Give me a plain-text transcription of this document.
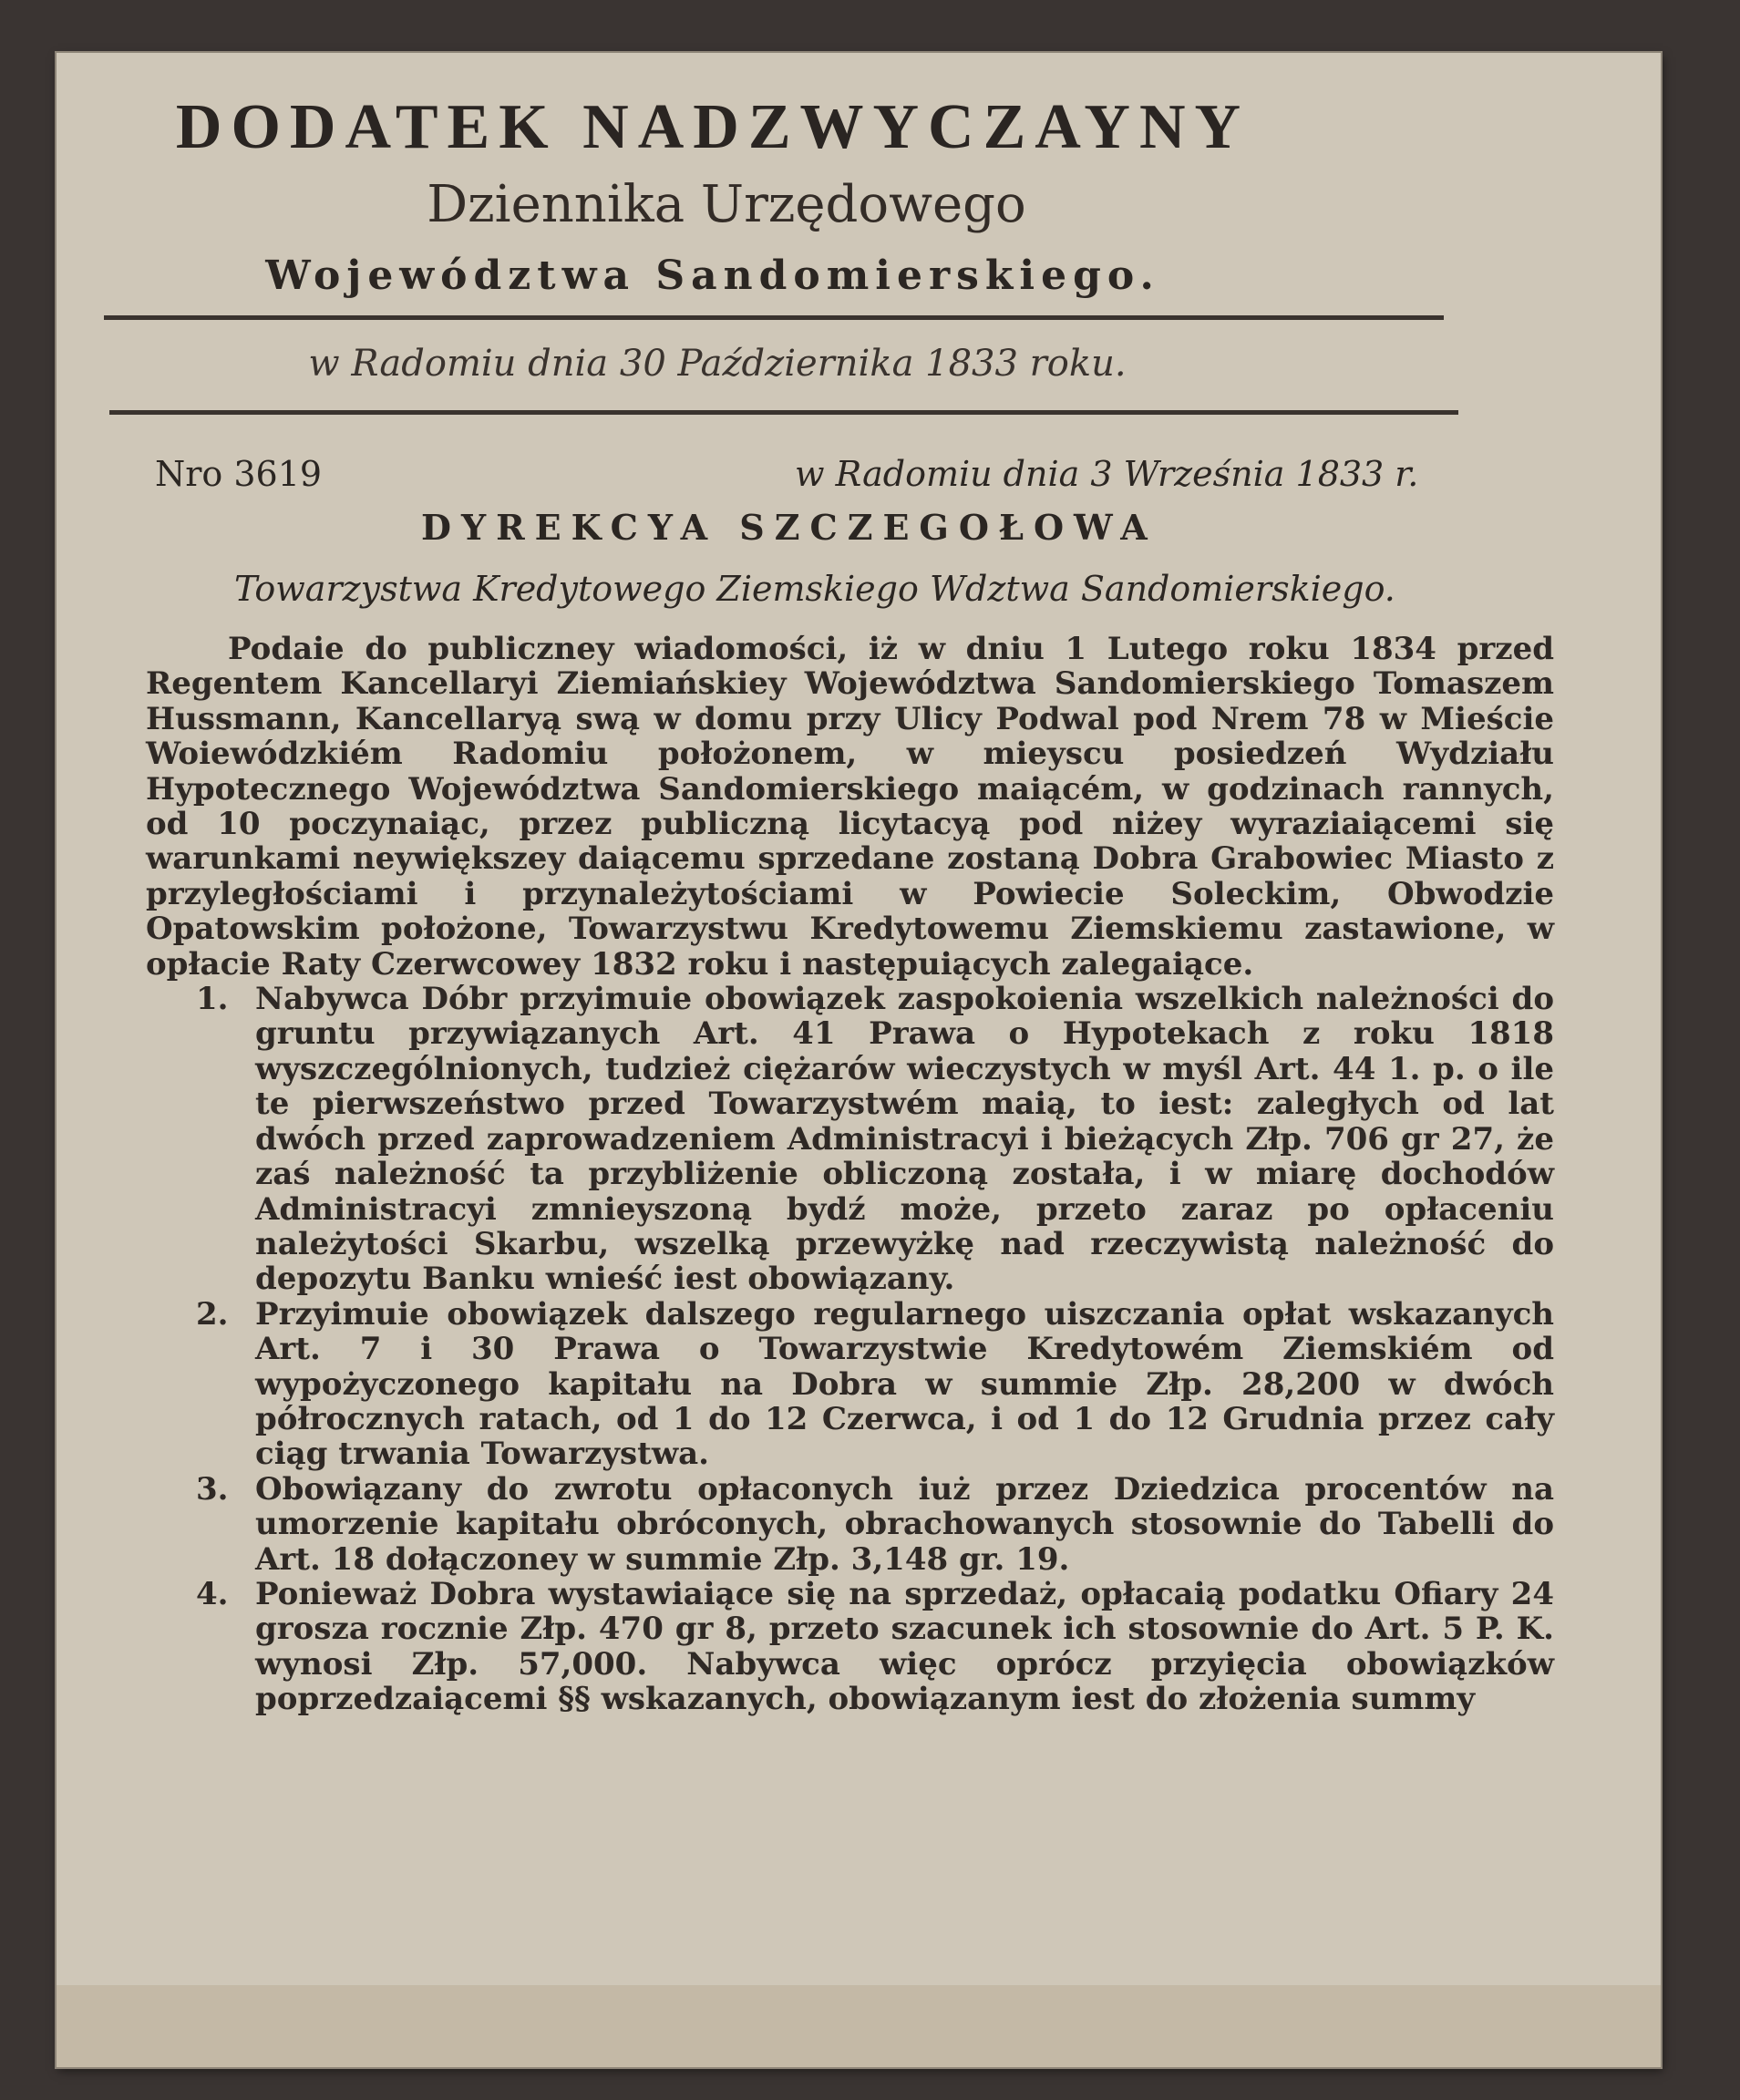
DODATEK NADZWYCZAYNY

Dziennika Urzędowego

Województwa Sandomierskiego.

w Radomiu dnia 30 Października 1833 roku.
Nro 3619	w Radomiu dnia 3 Września 1833 r.
DYREKCYA SZCZEGOŁOWA
Towarzystwa Kredytowego Ziemskiego Wdztwa Sandomierskiego.

Podaie do publiczney wiadomości, iż w dniu 1 Lutego roku 1834 przed Regentem Kancellaryi Ziemiańskiey Województwa Sandomierskiego Tomaszem Hussmann, Kancellaryą swą w domu przy Ulicy Podwal pod Nrem 78 w Mieście Woiewódzkiém Radomiu położonem, w mieyscu posiedzeń Wydziału Hypotecznego Województwa Sandomierskiego maiącém, w godzinach rannych, od 10 poczynaiąc, przez publiczną licytacyą pod niżey wyraziaiącemi się warunkami neywiększey daiącemu sprzedane zostaną Dobra Grabowiec Miasto z przyległościami i przynależytościami w Powiecie Soleckim, Obwodzie Opatowskim położone, Towarzystwu Kredytowemu Ziemskiemu zastawione, w opłacie Raty Czerwcowey 1832 roku i następuiących zalegaiące.

1. Nabywca Dóbr przyimuie obowiązek zaspokoienia wszelkich należności do gruntu przywiązanych Art. 41 Prawa o Hypotekach z roku 1818 wyszczególnionych, tudzież ciężarów wieczystych w myśl Art. 44 1. p. o ile te pierwszeństwo przed Towarzystwém maią, to iest: zaległych od lat dwóch przed zaprowadzeniem Administracyi i bieżących Złp. 706 gr 27, że zaś należność ta przybliżenie obliczoną została, i w miarę dochodów Administracyi zmnieyszoną bydź może, przeto zaraz po opłaceniu należytości Skarbu, wszelką przewyżkę nad rzeczywistą należność do depozytu Banku wnieść iest obowiązany.

2. Przyimuie obowiązek dalszego regularnego uiszczania opłat wskazanych Art. 7 i 30 Prawa o Towarzystwie Kredytowém Ziemskiém od wypożyczonego kapitału na Dobra w summie Złp. 28,200 w dwóch półrocznych ratach, od 1 do 12 Czerwca, i od 1 do 12 Grudnia przez cały ciąg trwania Towarzystwa.

3. Obowiązany do zwrotu opłaconych iuż przez Dziedzica procentów na umorzenie kapitału obróconych, obrachowanych stosownie do Tabelli do Art. 18 dołączoney w summie Złp. 3,148 gr. 19.

4. Ponieważ Dobra wystawiaiące się na sprzedaż, opłacaią podatku Ofiary 24 grosza rocznie Złp. 470 gr 8, przeto szacunek ich stosownie do Art. 5 P. K. wynosi Złp. 57,000. Nabywca więc oprócz przyięcia obowiązków poprzedzaiącemi §§ wskazanych, obowiązanym iest do złożenia summy
